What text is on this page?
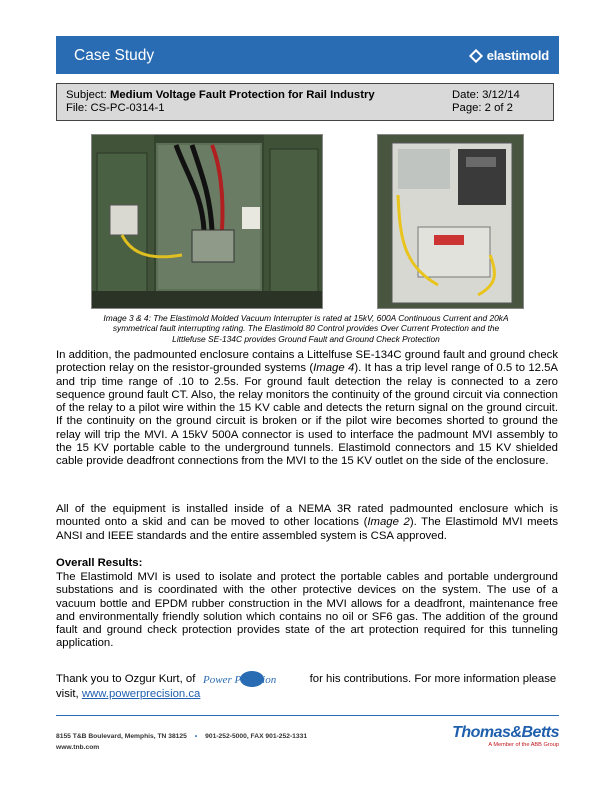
Case Study	elastimold
Subject: Medium Voltage Fault Protection for Rail Industry	Date: 3/12/14
File: CS-PC-0314-1	Page: 2 of 2
Image 3 & 4: The Elastimold Molded Vacuum Interrupter is rated at 15kV, 600A Continuous Current and 20kA
symmetrical fault interrupting rating. The Elastimold 80 Control provides Over Current Protection and the
Littlefuse SE-134C provides Ground Fault and Ground Check Protection
In addition, the padmounted enclosure contains a Littelfuse SE-134C ground fault and ground check protection relay on the resistor-grounded systems (Image 4). It has a trip level range of 0.5 to 12.5A and trip time range of .10 to 2.5s. For ground fault detection the relay is connected to a zero sequence ground fault CT. Also, the relay monitors the continuity of the ground circuit via connection of the relay to a pilot wire within the 15 KV cable and detects the return signal on the ground circuit. If the continuity on the ground circuit is broken or if the pilot wire becomes shorted to ground the relay will trip the MVI. A 15kV 500A connector is used to interface the padmount MVI assembly to the 15 KV portable cable to the underground tunnels. Elastimold connectors and 15 KV shielded cable provide deadfront connections from the MVI to the 15 KV outlet on the side of the enclosure.
All of the equipment is installed inside of a NEMA 3R rated padmounted enclosure which is mounted onto a skid and can be moved to other locations (Image 2). The Elastimold MVI meets ANSI and IEEE standards and the entire assembled system is CSA approved.
Overall Results:
The Elastimold MVI is used to isolate and protect the portable cables and portable underground substations and is coordinated with the other protective devices on the system. The use of a vacuum bottle and EPDM rubber construction in the MVI allows for a deadfront, maintenance free and environmentally friendly solution which contains no oil or SF6 gas. The addition of the ground fault and ground check protection provides state of the art protection required for this tunneling application.
Thank you to Ozgur Kurt, of Power Precision	for his contributions. For more information please visit, www.powerprecision.ca
8155 T&B Boulevard, Memphis, TN 38125 • 901-252-5000, FAX 901-252-1331
www.tnb.com
Thomas&Betts
A Member of the ABB Group
